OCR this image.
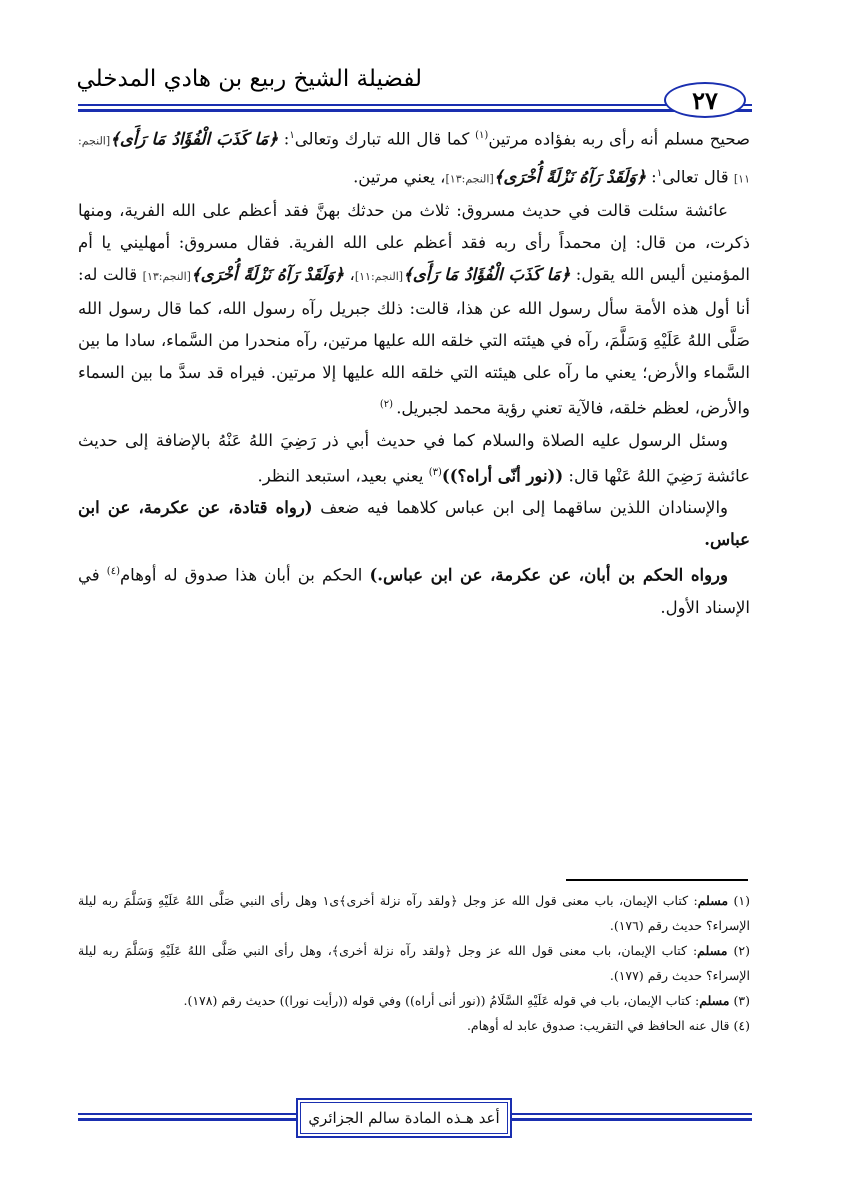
لفضيلة الشيخ ربيع بن هادي المدخلي
٢٧

صحيح مسلم أنه رأى ربه بفؤاده مرتين$^{(١)}$ كما قال الله تبارك وتعالى$^١$: ﴿مَا كَذَبَ الْفُؤَادُ مَا رَأَى﴾[النجم: ١١] قال تعالى$^١$: ﴿وَلَقَدْ رَآهُ نَزْلَةً أُخْرَى﴾[النجم:١٣]، يعني مرتين.

عائشة سئلت قالت في حديث مسروق: ثلاث من حدثك بهنَّ فقد أعظم على الله الفرية، ومنها ذكرت، من قال: إن محمداً رأى ربه فقد أعظم على الله الفرية. فقال مسروق: أمهليني يا أم المؤمنين أليس الله يقول: ﴿مَا كَذَبَ الْفُؤَادُ مَا رَأَى﴾[النجم:١١]، ﴿وَلَقَدْ رَآهُ نَزْلَةً أُخْرَى﴾[النجم:١٣] قالت له: أنا أول هذه الأمة سأل رسول الله عن هذا، قالت: ذلك جبريل رآه رسول الله، كما قال رسول الله صَلَّى اللهُ عَلَيْهِ وَسَلَّمَ، رآه في هيئته التي خلقه الله عليها مرتين، رآه منحدرا من السَّماء، سادا ما بين السَّماء والأرض؛ يعني ما رآه على هيئته التي خلقه الله عليها إلا مرتين. فيراه قد سدَّ ما بين السماء والأرض، لعظم خلقه، فالآية تعني رؤية محمد لجبريل. $^{(٢)}$

وسئل الرسول عليه الصلاة والسلام كما في حديث أبي ذر رَضِيَ اللهُ عَنْهُ بالإضافة إلى حديث عائشة رَضِيَ اللهُ عَنْها قال: ((نور أنّى أراه؟))$^{(٣)}$ يعني بعيد، استبعد النظر.

والإسنادان اللذين ساقهما إلى ابن عباس كلاهما فيه ضعف (رواه قتادة، عن عكرمة، عن ابن عباس.

ورواه الحكم بن أبان، عن عكرمة، عن ابن عباس.) الحكم بن أبان هذا صدوق له أوهام$^{(٤)}$ في الإسناد الأول.

(١) مسلم: كتاب الإيمان، باب معنى قول الله عز وجل ﴿ولقد رآه نزلة أخرى﴾ى١ وهل رأى النبي صَلَّى اللهُ عَلَيْهِ وَسَلَّمَ ربه ليلة الإسراء؟ حديث رقم (١٧٦).

(٢) مسلم: كتاب الإيمان، باب معنى قول الله عز وجل ﴿ولقد رآه نزلة أخرى﴾، وهل رأى النبي صَلَّى اللهُ عَلَيْهِ وَسَلَّمَ ربه ليلة الإسراء؟ حديث رقم (١٧٧).

(٣) مسلم: كتاب الإيمان، باب في قوله عَلَيْهِ السَّلَامُ ((نور أنى أراه)) وفي قوله ((رأيت نورا)) حديث رقم (١٧٨).

(٤) قال عنه الحافظ في التقريب: صدوق عابد له أوهام.

أعد هـذه المادة سالم الجزائري
